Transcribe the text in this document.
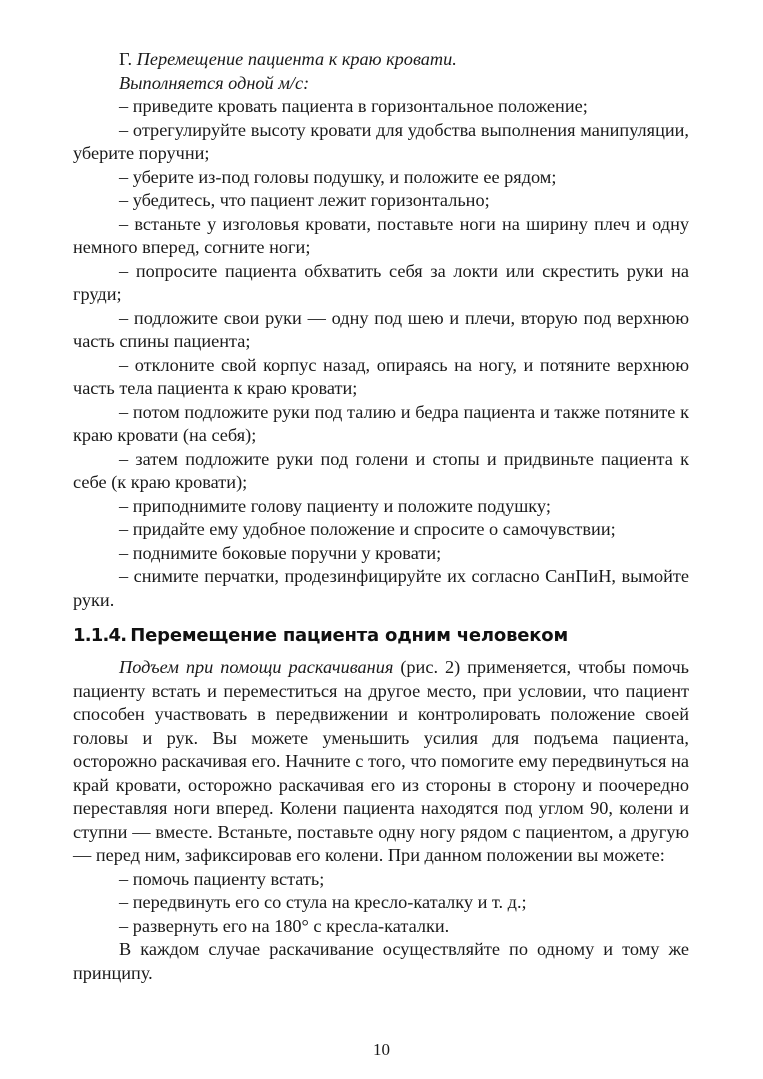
Г. Перемещение пациента к краю кровати.

Выполняется одной м/с:

– приведите кровать пациента в горизонтальное положение;

– отрегулируйте высоту кровати для удобства выполнения манипуляции, уберите поручни;

– уберите из-под головы подушку, и положите ее рядом;

– убедитесь, что пациент лежит горизонтально;

– встаньте у изголовья кровати, поставьте ноги на ширину плеч и одну немного вперед, согните ноги;

– попросите пациента обхватить себя за локти или скрестить руки на груди;

– подложите свои руки — одну под шею и плечи, вторую под верхнюю часть спины пациента;

– отклоните свой корпус назад, опираясь на ногу, и потяните верхнюю часть тела пациента к краю кровати;

– потом подложите руки под талию и бедра пациента и также потяните к краю кровати (на себя);

– затем подложите руки под голени и стопы и придвиньте пациента к себе (к краю кровати);

– приподнимите голову пациенту и положите подушку;

– придайте ему удобное положение и спросите о самочувствии;

– поднимите боковые поручни у кровати;

– снимите перчатки, продезинфицируйте их согласно СанПиН, вымойте руки.

1.1.4. Перемещение пациента одним человеком

Подъем при помощи раскачивания (рис. 2) применяется, чтобы помочь пациенту встать и переместиться на другое место, при условии, что пациент способен участвовать в передвижении и контролировать положение своей головы и рук. Вы можете уменьшить усилия для подъема пациента, осторожно раскачивая его. Начните с того, что помогите ему передвинуться на край кровати, осторожно раскачивая его из стороны в сторону и поочередно переставляя ноги вперед. Колени пациента находятся под углом 90, колени и ступни — вместе. Встаньте, поставьте одну ногу рядом с пациентом, а другую — перед ним, зафиксировав его колени. При данном положении вы можете:

– помочь пациенту встать;

– передвинуть его со стула на кресло-каталку и т. д.;

– развернуть его на 180° с кресла-каталки.

В каждом случае раскачивание осуществляйте по одному и тому же принципу.

10
